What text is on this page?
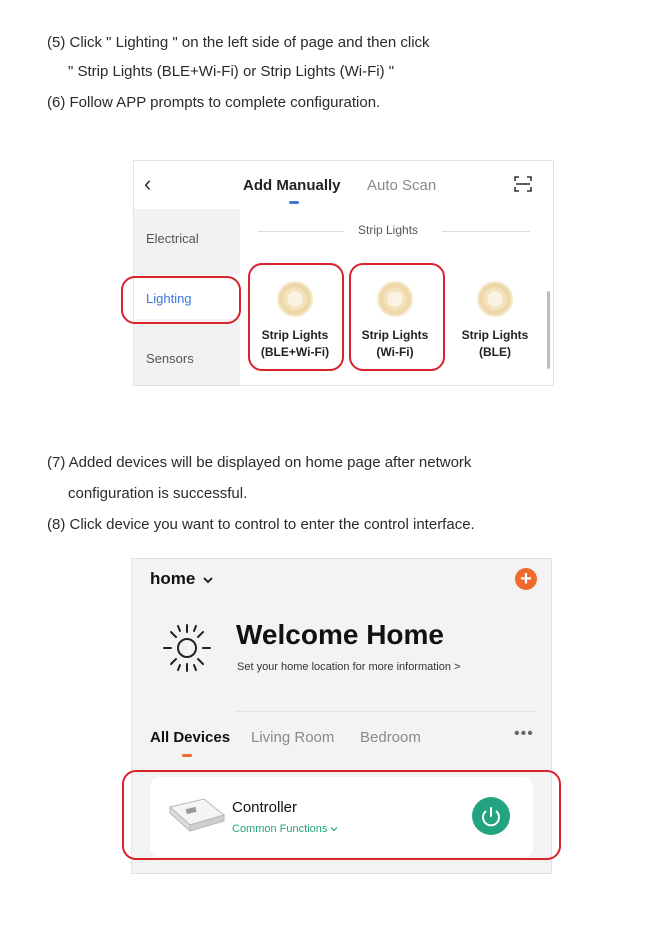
(5) Click " Lighting " on the left side of page and then click
" Strip Lights (BLE+Wi-Fi) or Strip Lights (Wi-Fi) "
(6) Follow APP prompts to complete configuration.
‹	Add Manually Auto Scan
Electrical
Lighting
Sensors
Strip Lights
Strip Lights
(BLE+Wi-Fi)
Strip Lights
(Wi-Fi)
Strip Lights
(BLE)
(7) Added devices will be displayed on home page after network
configuration is successful.
(8) Click device you want to control to enter the control interface.
home	+
Welcome Home
Set your home location for more information >
All Devices Living Room Bedroom	•••
Controller
Common Functions
